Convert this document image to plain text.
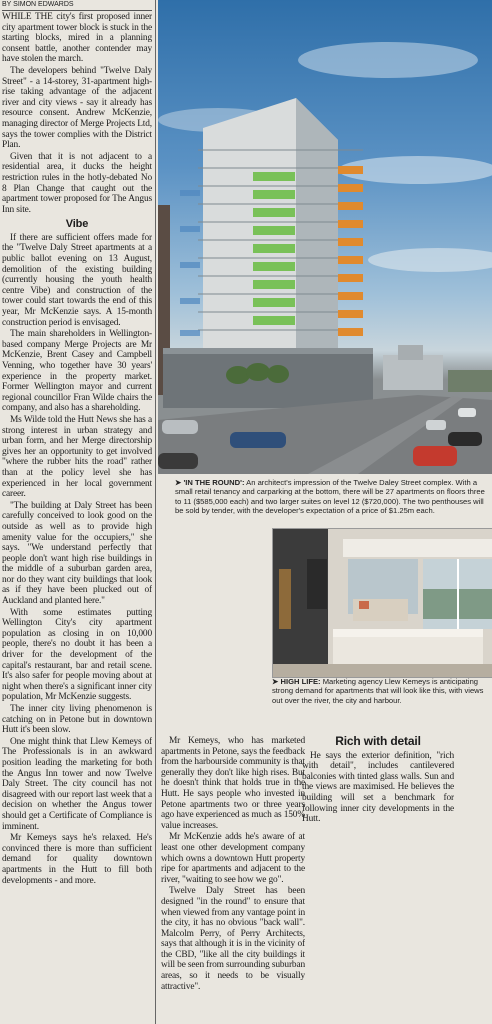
BY SIMON EDWARDS

WHILE THE city's first proposed inner city apartment tower block is stuck in the starting blocks, mired in a planning consent battle, another contender may have stolen the march.

The developers behind "Twelve Daly Street" - a 14-storey, 31-apartment high-rise taking advantage of the adjacent river and city views - say it already has resource consent. Andrew McKenzie, managing director of Merge Projects Ltd, says the tower complies with the District Plan.

Given that it is not adjacent to a residential area, it ducks the height restriction rules in the hotly-debated No 8 Plan Change that caught out the apartment tower proposed for The Angus Inn site.

Vibe

If there are sufficient offers made for the "Twelve Daly Street apartments at a public ballot evening on 13 August, demolition of the existing building (currently housing the youth health centre Vibe) and construction of the tower could start towards the end of this year, Mr McKenzie says. A 15-month construction period is envisaged.

The main shareholders in Wellington-based company Merge Projects are Mr McKenzie, Brent Casey and Campbell Venning, who together have 30 years' experience in the property market. Former Wellington mayor and current regional councillor Fran Wilde chairs the company, and also has a shareholding.

Ms Wilde told the Hutt News she has a strong interest in urban strategy and urban form, and her Merge directorship gives her an opportunity to get involved "where the rubber hits the road" rather than at the policy level she has experienced in her local government career.

"The building at Daly Street has been carefully conceived to look good on the outside as well as to provide high amenity value for the occupiers," she says. "We understand perfectly that people don't want high rise buildings in the middle of a suburban garden area, nor do they want city buildings that look as if they have been plucked out of Auckland and planted here."

With some estimates putting Wellington City's city apartment population as closing in on 10,000 people, there's no doubt it has been a driver for the development of the capital's restaurant, bar and retail scene. It's also safer for people moving about at night when there's a significant inner city population, Mr McKenzie suggests.

The inner city living phenomenon is catching on in Petone but in downtown Hutt it's been slow.

One might think that Llew Kemeys of The Professionals is in an awkward position leading the marketing for both the Angus Inn tower and now Twelve Daly Street. The city council has not disagreed with our report last week that a decision on whether the Angus tower should get a Certificate of Compliance is imminent.

Mr Kemeys says he's relaxed. He's convinced there is more than sufficient demand for quality downtown apartments in the Hutt to fill both developments - and more.

➤ 'IN THE ROUND': An architect's impression of the Twelve Daley Street complex. With a small retail tenancy and carparking at the bottom, there will be 27 apartments on floors three to 11 ($585,000 each) and two larger suites on level 12 ($720,000). The two penthouses will be sold by tender, with the developer's expectation of a price of $1.25m each.
➤ HIGH LIFE: Marketing agency Llew Kemeys is anticipating strong demand for apartments that will look like this, with views out over the river, the city and harbour.

Mr Kemeys, who has marketed apartments in Petone, says the feedback from the harbourside community is that generally they don't like high rises. But he doesn't think that holds true in the Hutt. He says people who invested in Petone apartments two or three years ago have experienced as much as 150% value increases.

Mr McKenzie adds he's aware of at least one other development company which owns a downtown Hutt property ripe for apartments and adjacent to the river, "waiting to see how we go".

Twelve Daly Street has been designed "in the round" to ensure that when viewed from any vantage point in the city, it has no obvious "back wall". Malcolm Perry, of Perry Architects, says that although it is in the vicinity of the CBD, "like all the city buildings it will be seen from surrounding suburban areas, so it needs to be visually attractive".

Rich with detail

He says the exterior definition, "rich with detail", includes cantilevered balconies with tinted glass walls. Sun and the views are maximised. He believes the building will set a benchmark for following inner city developments in the Hutt.
